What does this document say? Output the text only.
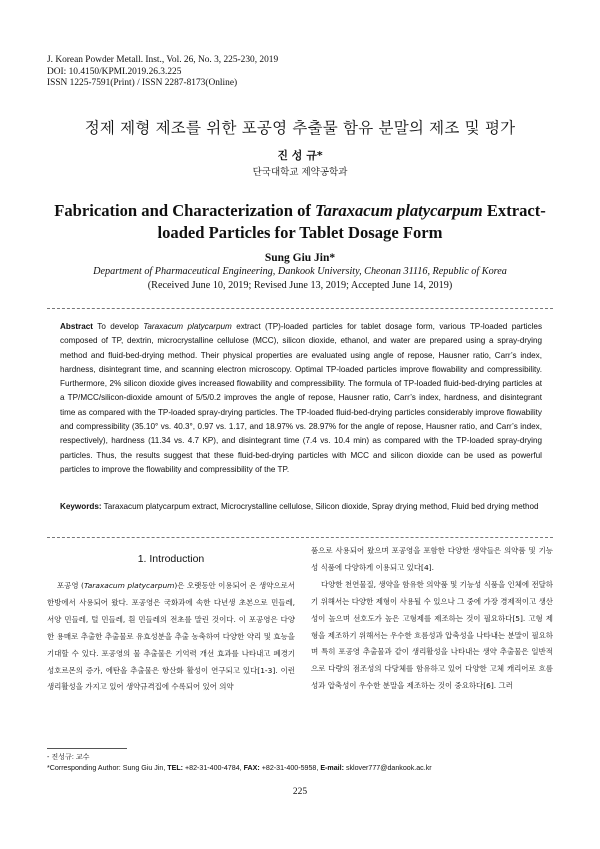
J. Korean Powder Metall. Inst., Vol. 26, No. 3, 225-230, 2019
DOI: 10.4150/KPMI.2019.26.3.225
ISSN 1225-7591(Print) / ISSN 2287-8173(Online)
정제 제형 제조를 위한 포공영 추출물 함유 분말의 제조 및 평가
진 성 규*
단국대학교 제약공학과
Fabrication and Characterization of Taraxacum platycarpum Extract-loaded Particles for Tablet Dosage Form
Sung Giu Jin*
Department of Pharmaceutical Engineering, Dankook University, Cheonan 31116, Republic of Korea
(Received June 10, 2019; Revised June 13, 2019; Accepted June 14, 2019)
Abstract To develop Taraxacum platycarpum extract (TP)-loaded particles for tablet dosage form, various TP-loaded particles composed of TP, dextrin, microcrystalline cellulose (MCC), silicon dioxide, ethanol, and water are prepared using a spray-drying method and fluid-bed-drying method. Their physical properties are evaluated using angle of repose, Hausner ratio, Carr’s index, hardness, disintegrant time, and scanning electron microscopy. Optimal TP-loaded particles improve flowability and compressibility. Furthermore, 2% silicon dioxide gives increased flowability and compressibility. The formula of TP-loaded fluid-bed-drying particles at a TP/MCC/silicon-dioxide amount of 5/5/0.2 improves the angle of repose, Hausner ratio, Carr’s index, hardness, and disintegrant time as compared with the TP-loaded spray-drying particles. The TP-loaded fluid-bed-drying particles considerably improve flowability and compressibility (35.10° vs. 40.3°, 0.97 vs. 1.17, and 18.97% vs. 28.97% for the angle of repose, Hausner ratio, and Carr’s index, respectively), hardness (11.34 vs. 4.7 KP), and disintegrant time (7.4 vs. 10.4 min) as compared with the TP-loaded spray-drying particles. Thus, the results suggest that these fluid-bed-drying particles with MCC and silicon dioxide can be used as powerful particles to improve the flowability and compressibility of the TP.
Keywords: Taraxacum platycarpum extract, Microcrystalline cellulose, Silicon dioxide, Spray drying method, Fluid bed drying method
1. Introduction
포공영 (Taraxacum platycarpum)은 오랫동안 이용되어 온 생약으로서 한방에서 사용되어 왔다. 포공영은 국화과에 속한 다년생 초본으로 민들레, 서양 민들레, 털 민들레, 흰 민들레의 전초를 말린 것이다. 이 포공영은 다양한 용매로 추출한 추출물로 유효성분을 추출 농축하여 다양한 약리 및 효능을 기대할 수 있다. 포공영의 물 추출물은 기억력 개선 효과를 나타내고 폐경기 성호르몬의 증가, 에탄올 추출물은 항산화 활성이 연구되고 있다[1-3]. 이런 생리활성을 가지고 있어 생약규격집에 수록되어 있어 의약

품으로 사용되어 왔으며 포공영을 포함한 다양한 생약들은 의약품 및 기능성 식품에 다양하게 이용되고 있다[4].

다양한 천연물질, 생약을 함유한 의약품 및 기능성 식품을 인체에 전달하기 위해서는 다양한 제형이 사용될 수 있으나 그 중에 가장 경제적이고 생산성이 높으며 선호도가 높은 고형제를 제조하는 것이 필요하다[5]. 고형 제형을 제조하기 위해서는 우수한 흐름성과 압축성을 나타내는 분말이 필요하며 특히 포공영 추출물과 같이 생리활성을 나타내는 생약 추출물은 일반적으로 다량의 점조성의 다당체를 함유하고 있어 다양한 고체 캐리어로 흐름성과 압축성이 우수한 분말을 제조하는 것이 중요하다[6]. 그러

- 진성규: 교수
*Corresponding Author: Sung Giu Jin, TEL: +82-31-400-4784, FAX: +82-31-400-5958, E-mail: sklover777@dankook.ac.kr
225
